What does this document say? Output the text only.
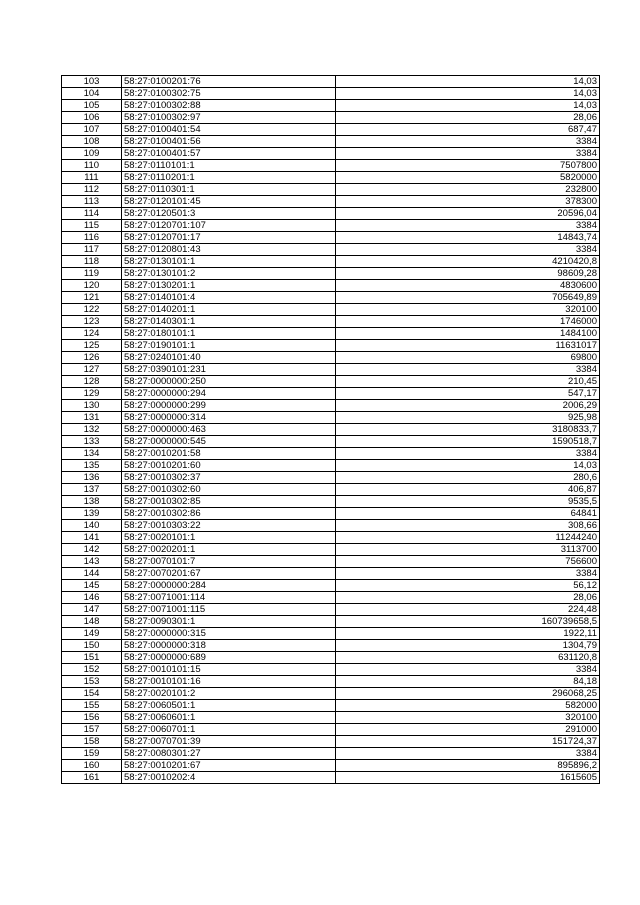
103	58:27:0100201:76	14,03
104	58:27:0100302:75	14,03
105	58:27:0100302:88	14,03
106	58:27:0100302:97	28,06
107	58:27:0100401:54	687,47
108	58:27:0100401:56	3384
109	58:27:0100401:57	3384
110	58:27:0110101:1	7507800
111	58:27:0110201:1	5820000
112	58:27:0110301:1	232800
113	58:27:0120101:45	378300
114	58:27:0120501:3	20596,04
115	58:27:0120701:107	3384
116	58:27:0120701:17	14843,74
117	58:27:0120801:43	3384
118	58:27:0130101:1	4210420,8
119	58:27:0130101:2	98609,28
120	58:27:0130201:1	4830600
121	58:27:0140101:4	705649,89
122	58:27:0140201:1	320100
123	58:27:0140301:1	1746000
124	58:27:0180101:1	1484100
125	58:27:0190101:1	11631017
126	58:27:0240101:40	69800
127	58:27:0390101:231	3384
128	58:27:0000000:250	210,45
129	58:27:0000000:294	547,17
130	58:27:0000000:299	2006,29
131	58:27:0000000:314	925,98
132	58:27:0000000:463	3180833,7
133	58:27:0000000:545	1590518,7
134	58:27:0010201:58	3384
135	58:27:0010201:60	14,03
136	58:27:0010302:37	280,6
137	58:27:0010302:60	406,87
138	58:27:0010302:85	9535,5
139	58:27:0010302:86	64841
140	58:27:0010303:22	308,66
141	58:27:0020101:1	11244240
142	58:27:0020201:1	3113700
143	58:27:0070101:7	756600
144	58:27:0070201:67	3384
145	58:27:0000000:284	56,12
146	58:27:0071001:114	28,06
147	58:27:0071001:115	224,48
148	58:27:0090301:1	160739658,5
149	58:27:0000000:315	1922,11
150	58:27:0000000:318	1304,79
151	58:27:0000000:689	631120,8
152	58:27:0010101:15	3384
153	58:27:0010101:16	84,18
154	58:27:0020101:2	296068,25
155	58:27:0060501:1	582000
156	58:27:0060601:1	320100
157	58:27:0060701:1	291000
158	58:27:0070701:39	151724,37
159	58:27:0080301:27	3384
160	58:27:0010201:67	895896,2
161	58:27:0010202:4	1615605
